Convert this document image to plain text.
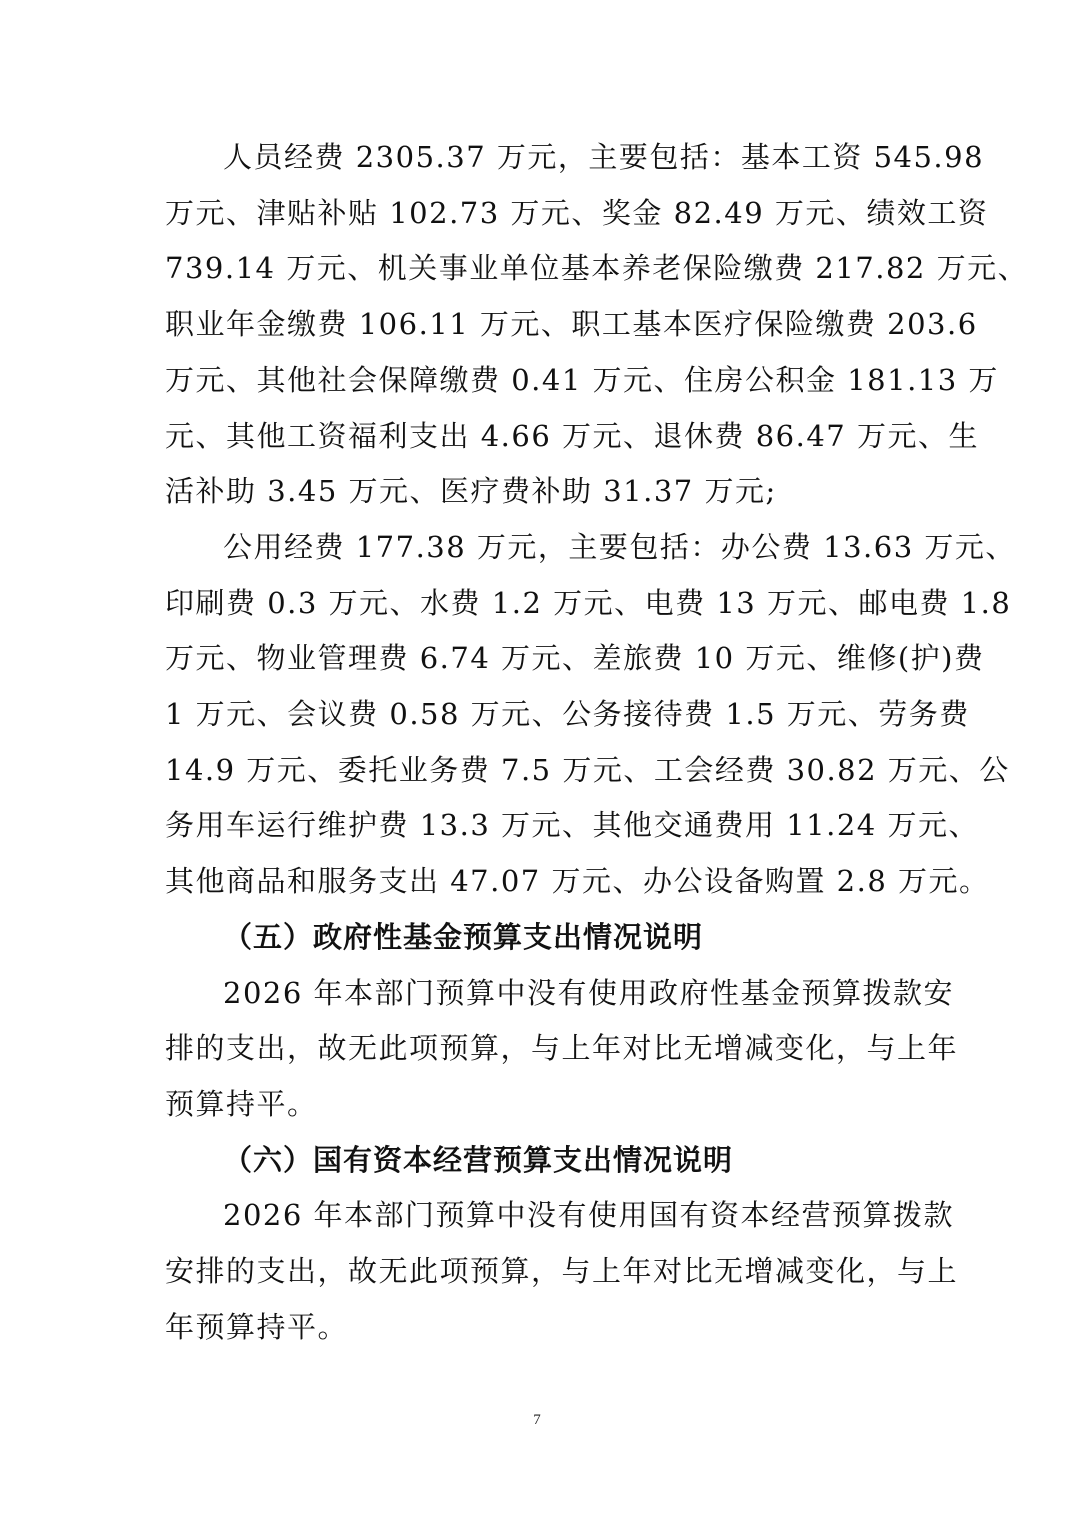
人员经费 2305.37 万元，主要包括：基本工资 545.98
万元、津贴补贴 102.73 万元、奖金 82.49 万元、绩效工资
739.14 万元、机关事业单位基本养老保险缴费 217.82 万元、
职业年金缴费 106.11 万元、职工基本医疗保险缴费 203.6
万元、其他社会保障缴费 0.41 万元、住房公积金 181.13 万
元、其他工资福利支出 4.66 万元、退休费 86.47 万元、生
活补助 3.45 万元、医疗费补助 31.37 万元;

公用经费 177.38 万元，主要包括：办公费 13.63 万元、
印刷费 0.3 万元、水费 1.2 万元、电费 13 万元、邮电费 1.8
万元、物业管理费 6.74 万元、差旅费 10 万元、维修(护)费
1 万元、会议费 0.58 万元、公务接待费 1.5 万元、劳务费
14.9 万元、委托业务费 7.5 万元、工会经费 30.82 万元、公
务用车运行维护费 13.3 万元、其他交通费用 11.24 万元、
其他商品和服务支出 47.07 万元、办公设备购置 2.8 万元。

（五）政府性基金预算支出情况说明

2026 年本部门预算中没有使用政府性基金预算拨款安
排的支出，故无此项预算，与上年对比无增减变化，与上年
预算持平。

（六）国有资本经营预算支出情况说明

2026 年本部门预算中没有使用国有资本经营预算拨款
安排的支出，故无此项预算，与上年对比无增减变化，与上
年预算持平。

7
